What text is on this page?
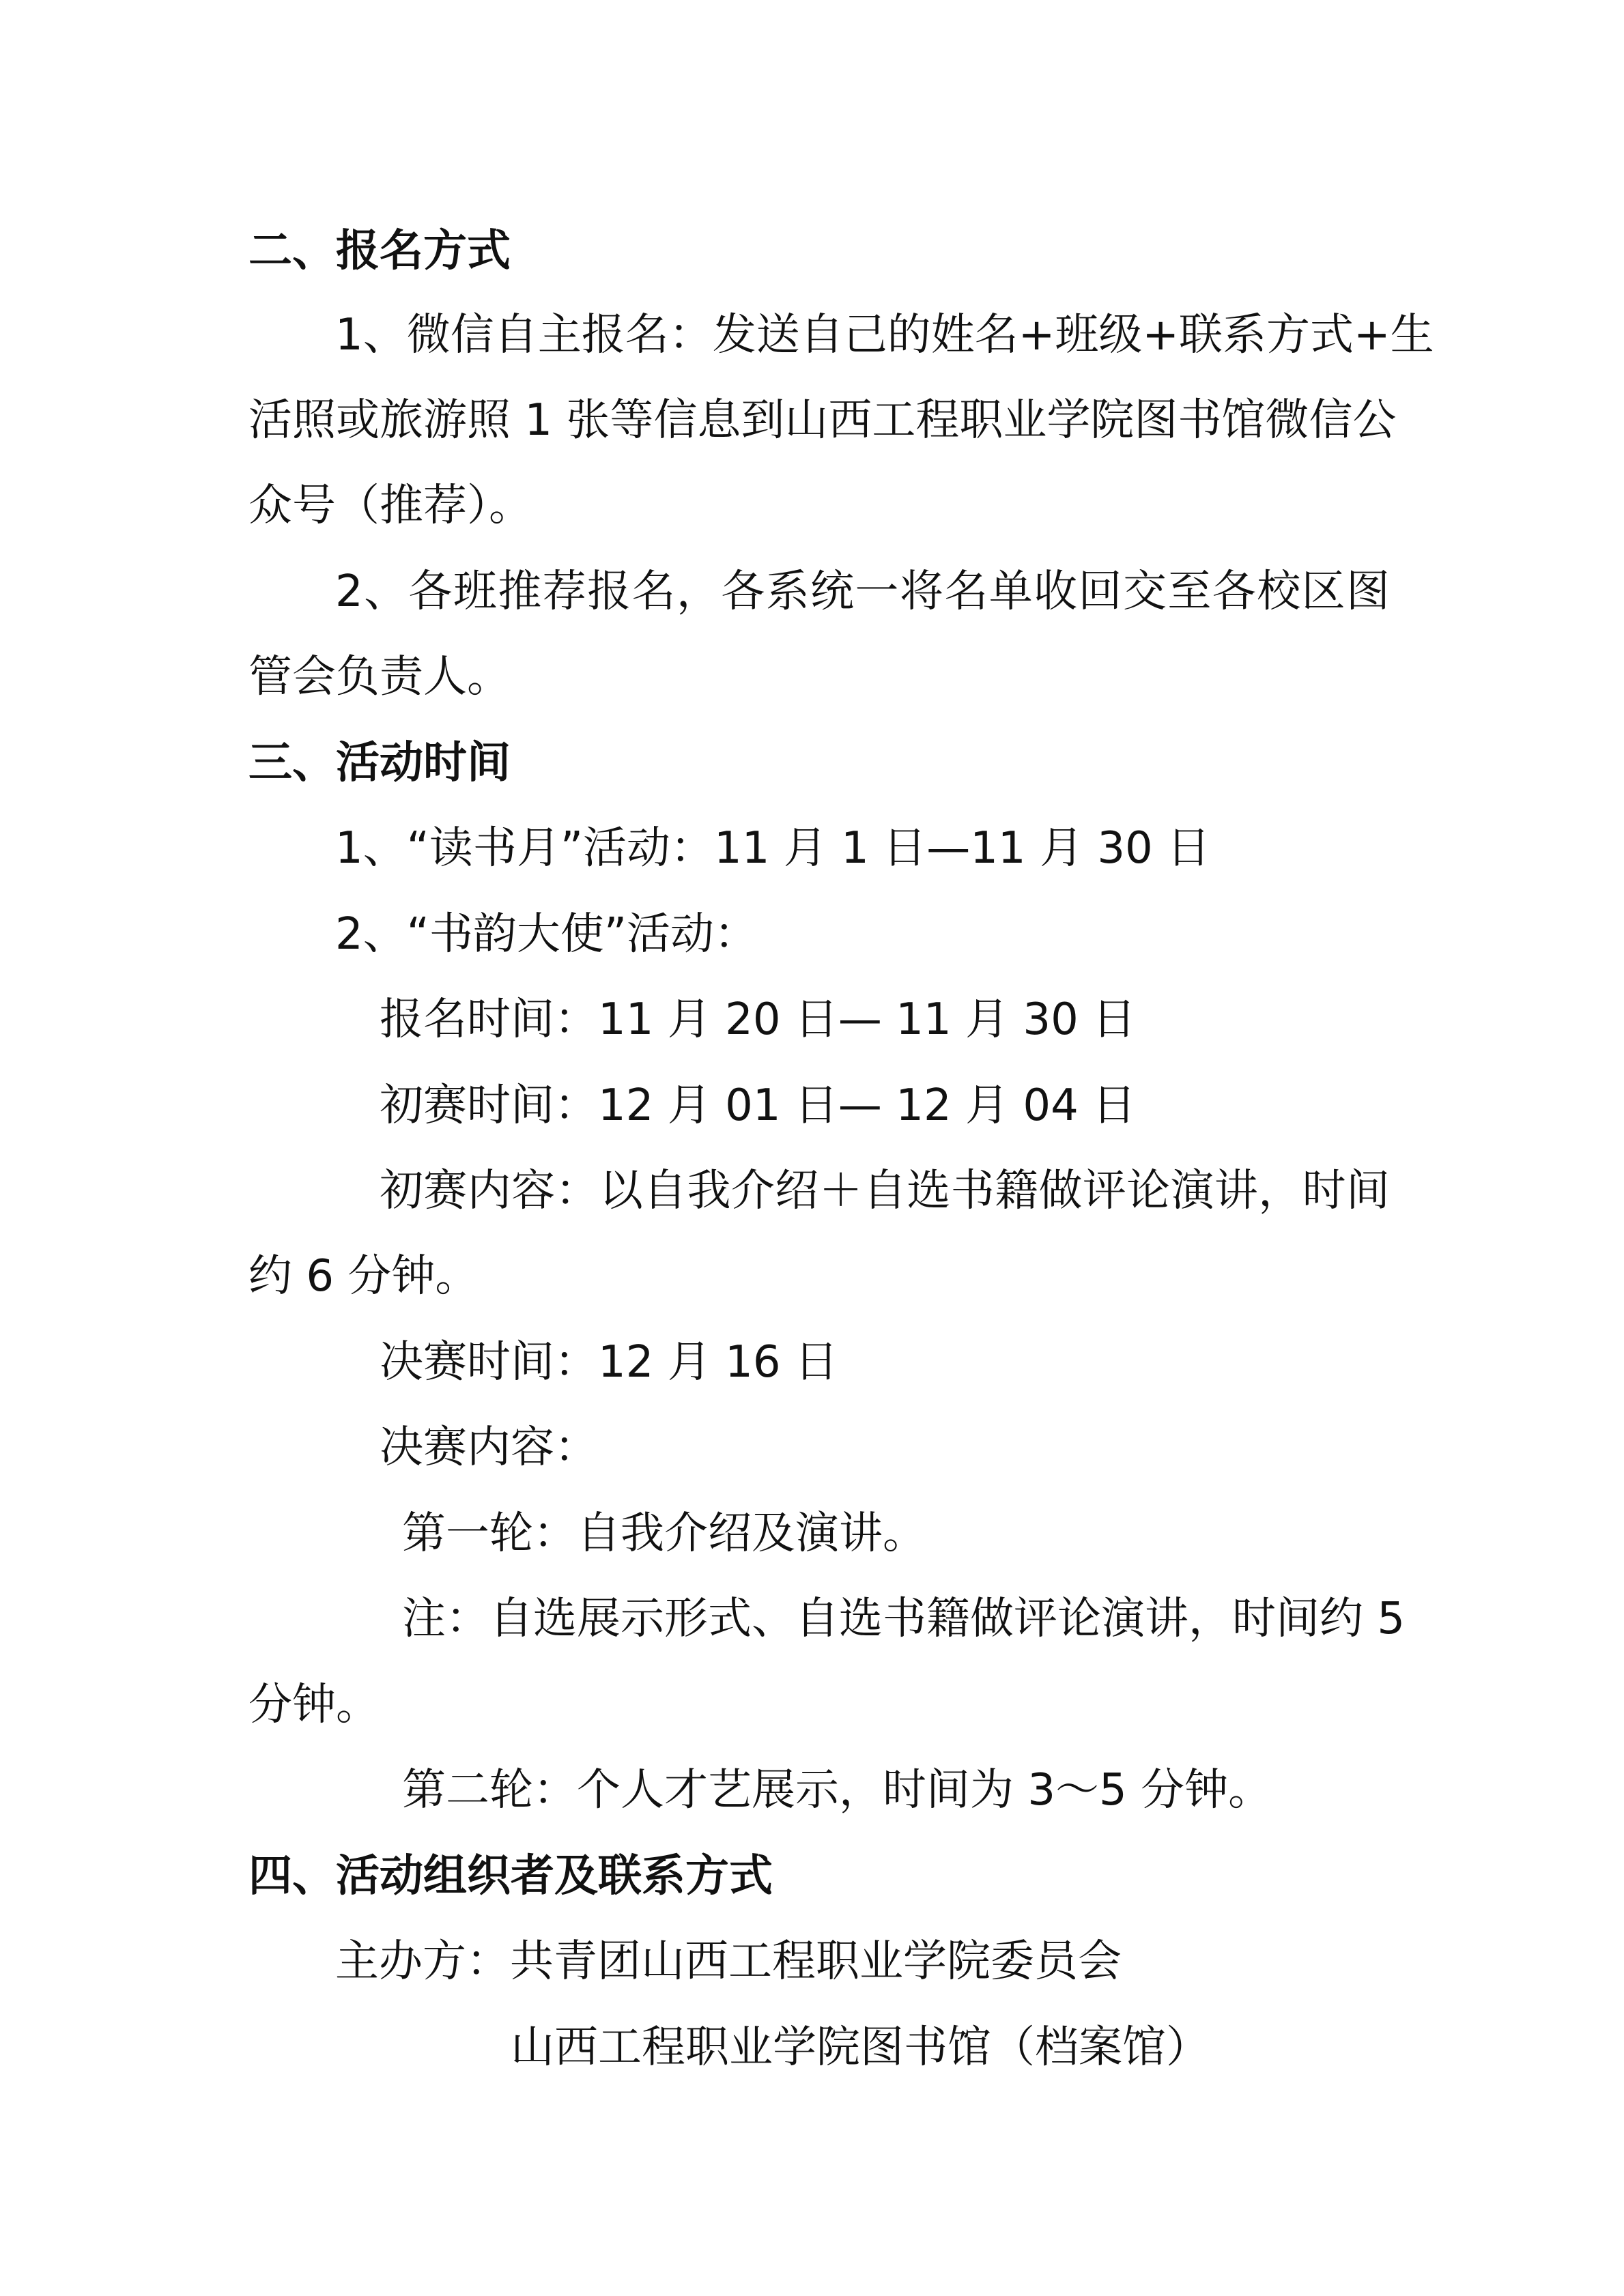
二、报名方式
1、微信自主报名：发送自己的姓名+班级+联系方式+生
活照或旅游照 1 张等信息到山西工程职业学院图书馆微信公
众号（推荐）。
2、各班推荐报名，各系统一将名单收回交至各校区图
管会负责人。
三、活动时间
1、“读书月”活动：11 月 1 日—11 月 30 日
2、“书韵大使”活动：
报名时间：11 月 20 日— 11 月 30 日
初赛时间：12 月 01 日— 12 月 04 日
初赛内容：以自我介绍＋自选书籍做评论演讲，时间
约 6 分钟。
决赛时间：12 月 16 日
决赛内容：
第一轮：自我介绍及演讲。
注：自选展示形式、自选书籍做评论演讲，时间约 5
分钟。
第二轮：个人才艺展示，时间为 3～5 分钟。
四、活动组织者及联系方式
主办方：共青团山西工程职业学院委员会
山西工程职业学院图书馆（档案馆）
